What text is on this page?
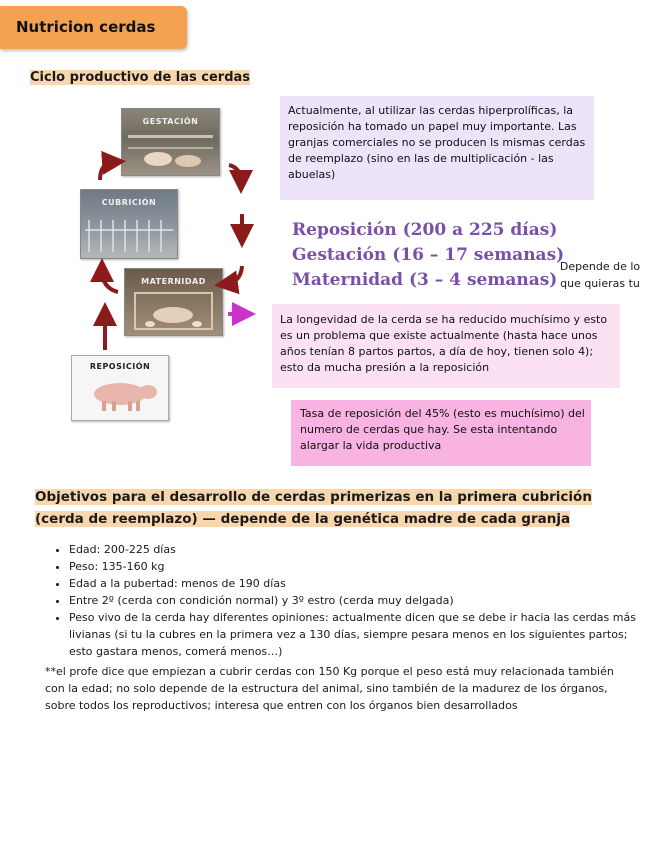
Nutricion cerdas
Ciclo productivo de las cerdas
GESTACIÓN
CUBRICIÓN
MATERNIDAD
REPOSICIÓN
Actualmente, al utilizar las cerdas hiperprolíficas, la reposición ha tomado un papel muy importante. Las granjas comerciales no se producen ls mismas cerdas de reemplazo (sino en las de multiplicación - las abuelas)
Reposición (200 a 225 días)
Gestación (16 – 17 semanas)
Maternidad (3 – 4 semanas)
Depende de lo que quieras tu
La longevidad de la cerda se ha reducido muchísimo y esto es un problema que existe actualmente (hasta hace unos años tenían 8 partos partos, a día de hoy, tienen solo 4); esto da mucha presión a la reposición
Tasa de reposición del 45% (esto es muchísimo) del numero de cerdas que hay. Se esta intentando alargar la vida productiva
Objetivos para el desarrollo de cerdas primerizas en la primera cubrición (cerda de reemplazo) — depende de la genética madre de cada granja
• Edad: 200-225 días
• Peso: 135-160 kg
• Edad a la pubertad: menos de 190 días
• Entre 2º (cerda con condición normal) y 3º estro (cerda muy delgada)
• Peso vivo de la cerda hay diferentes opiniones: actualmente dicen que se debe ir hacia las cerdas más livianas (si tu la cubres en la primera vez a 130 días, siempre pesara menos en los siguientes partos; esto gastara menos, comerá menos…)
**el profe dice que empiezan a cubrir cerdas con 150 Kg porque el peso está muy relacionada también con la edad; no solo depende de la estructura del animal, sino también de la madurez de los órganos, sobre todos los reproductivos; interesa que entren con los órganos bien desarrollados
